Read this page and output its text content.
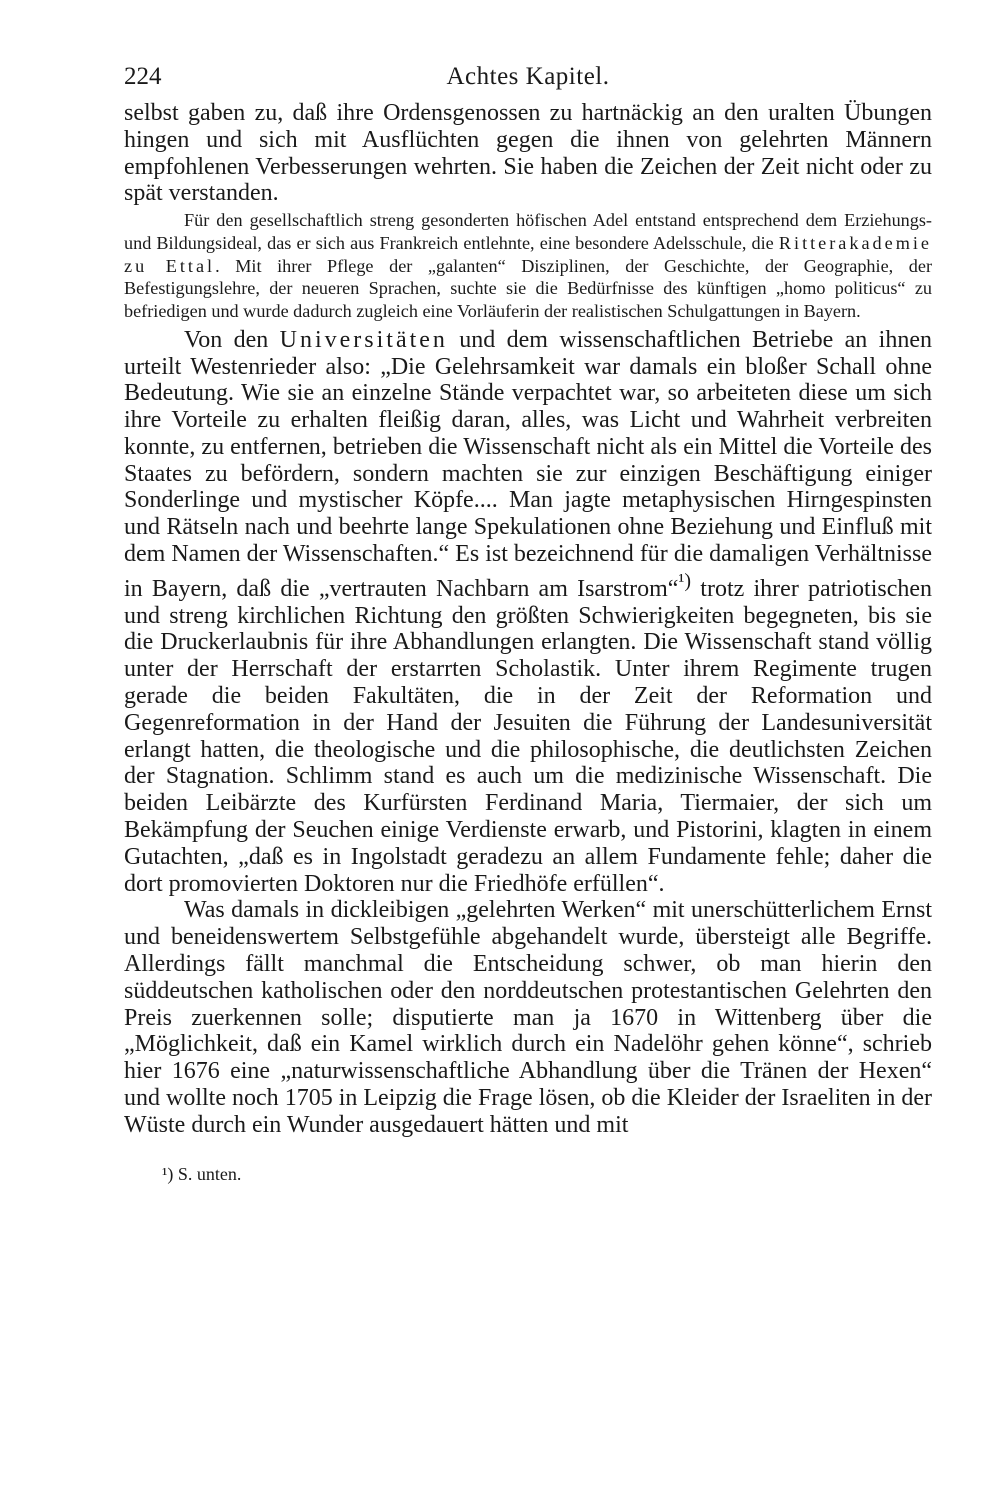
224	Achtes Kapitel.

selbst gaben zu, daß ihre Ordensgenossen zu hartnäckig an den uralten Übungen hingen und sich mit Ausflüchten gegen die ihnen von gelehrten Männern empfohlenen Verbesserungen wehrten. Sie haben die Zeichen der Zeit nicht oder zu spät verstanden.

Für den gesellschaftlich streng gesonderten höfischen Adel entstand entsprechend dem Erziehungs- und Bildungsideal, das er sich aus Frankreich entlehnte, eine besondere Adelsschule, die Ritterakademie zu Ettal. Mit ihrer Pflege der „galanten“ Disziplinen, der Geschichte, der Geographie, der Befestigungslehre, der neueren Sprachen, suchte sie die Bedürfnisse des künftigen „homo politicus“ zu befriedigen und wurde dadurch zugleich eine Vorläuferin der realistischen Schulgattungen in Bayern.

Von den Universitäten und dem wissenschaftlichen Betriebe an ihnen urteilt Westenrieder also: „Die Gelehrsamkeit war damals ein bloßer Schall ohne Bedeutung. Wie sie an einzelne Stände verpachtet war, so arbeiteten diese um sich ihre Vorteile zu erhalten fleißig daran, alles, was Licht und Wahrheit verbreiten konnte, zu entfernen, betrieben die Wissenschaft nicht als ein Mittel die Vorteile des Staates zu befördern, sondern machten sie zur einzigen Beschäftigung einiger Sonderlinge und mystischer Köpfe.... Man jagte metaphysischen Hirngespinsten und Rätseln nach und beehrte lange Spekulationen ohne Beziehung und Einfluß mit dem Namen der Wissenschaften.“ Es ist bezeichnend für die damaligen Verhältnisse in Bayern, daß die „vertrauten Nachbarn am Isarstrom“$^{^1)}$ trotz ihrer patriotischen und streng kirchlichen Richtung den größten Schwierigkeiten begegneten, bis sie die Druckerlaubnis für ihre Abhandlungen erlangten. Die Wissenschaft stand völlig unter der Herrschaft der erstarrten Scholastik. Unter ihrem Regimente trugen gerade die beiden Fakultäten, die in der Zeit der Reformation und Gegenreformation in der Hand der Jesuiten die Führung der Landesuniversität erlangt hatten, die theologische und die philosophische, die deutlichsten Zeichen der Stagnation. Schlimm stand es auch um die medizinische Wissenschaft. Die beiden Leibärzte des Kurfürsten Ferdinand Maria, Tiermaier, der sich um Bekämpfung der Seuchen einige Verdienste erwarb, und Pistorini, klagten in einem Gutachten, „daß es in Ingolstadt geradezu an allem Fundamente fehle; daher die dort promovierten Doktoren nur die Friedhöfe erfüllen“.

Was damals in dickleibigen „gelehrten Werken“ mit unerschütterlichem Ernst und beneidenswertem Selbstgefühle abgehandelt wurde, übersteigt alle Begriffe. Allerdings fällt manchmal die Entscheidung schwer, ob man hierin den süddeutschen katholischen oder den norddeutschen protestantischen Gelehrten den Preis zuerkennen solle; disputierte man ja 1670 in Wittenberg über die „Möglichkeit, daß ein Kamel wirklich durch ein Nadelöhr gehen könne“, schrieb hier 1676 eine „naturwissenschaftliche Abhandlung über die Tränen der Hexen“ und wollte noch 1705 in Leipzig die Frage lösen, ob die Kleider der Israeliten in der Wüste durch ein Wunder ausgedauert hätten und mit

¹) S. unten.
